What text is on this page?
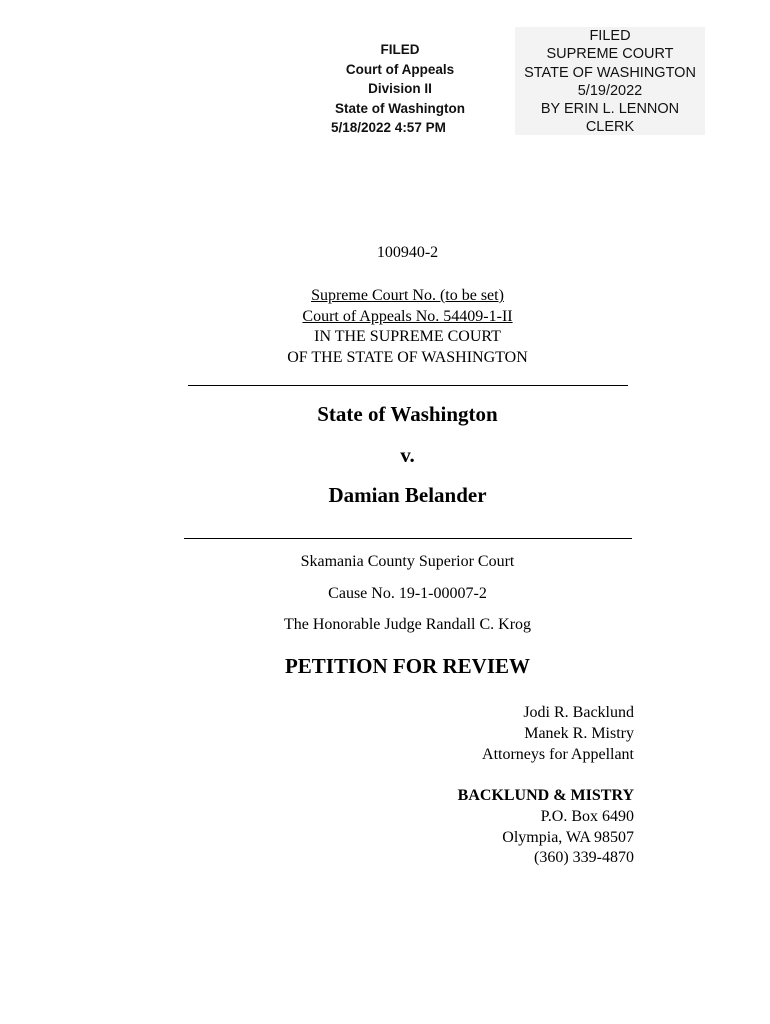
FILED
Court of Appeals
Division II
State of Washington
5/18/2022 4:57 PM
FILED
SUPREME COURT
STATE OF WASHINGTON
5/19/2022
BY ERIN L. LENNON
CLERK
100940-2
Supreme Court No. (to be set)
Court of Appeals No. 54409-1-II
IN THE SUPREME COURT
OF THE STATE OF WASHINGTON
State of Washington
v.
Damian Belander
Skamania County Superior Court
Cause No. 19-1-00007-2
The Honorable Judge Randall C. Krog
PETITION FOR REVIEW
Jodi R. Backlund
Manek R. Mistry
Attorneys for Appellant
BACKLUND & MISTRY
P.O. Box 6490
Olympia, WA 98507
(360) 339-4870
